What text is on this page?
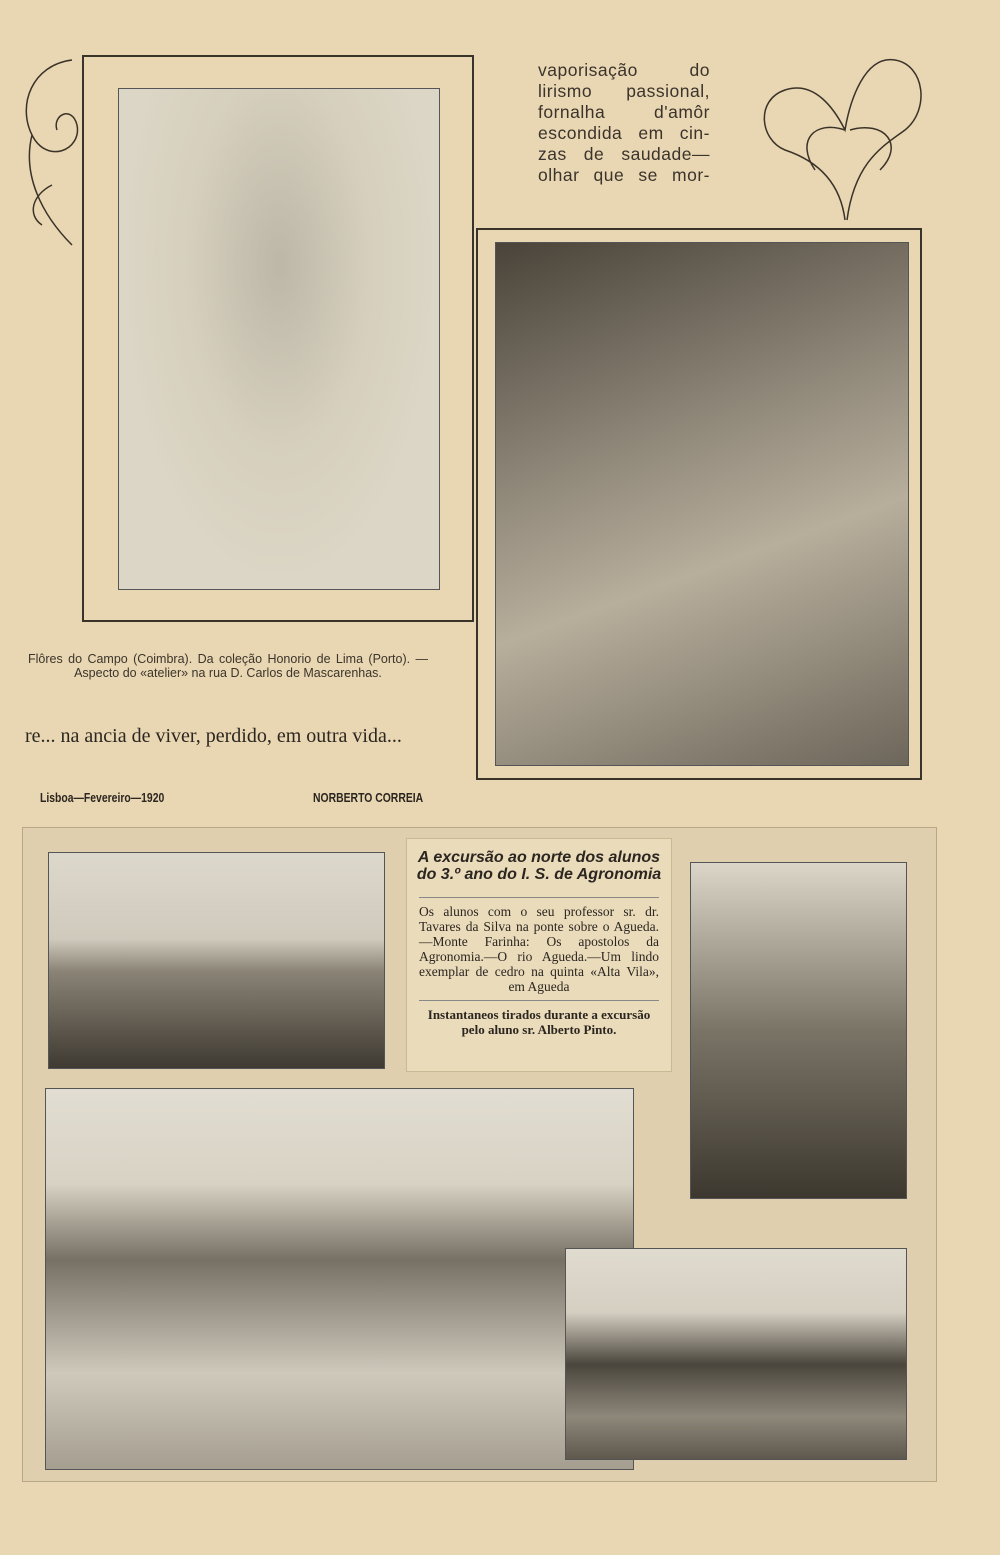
vaporisação do
lirismo passional,
fornalha d'amôr
escondida em cin-
zas de saudade—
olhar que se mor-
Flôres do Campo (Coimbra). Da coleção Honorio de Lima (Porto). — Aspecto do «atelier» na rua D. Carlos de Mascarenhas.
re... na ancia de viver, perdido, em outra vida...
Lisboa—Fevereiro—1920	NORBERTO CORREIA
A excursão ao norte dos alunos do 3.º ano do I. S. de Agronomia
Os alunos com o seu professor sr. dr. Tavares da Silva na ponte sobre o Agueda.—Monte Farinha: Os apostolos da Agronomia.—O rio Agueda.—Um lindo exemplar de cedro na quinta «Alta Vila», em Agueda
Instantaneos tirados durante a excursão pelo aluno sr. Alberto Pinto.
